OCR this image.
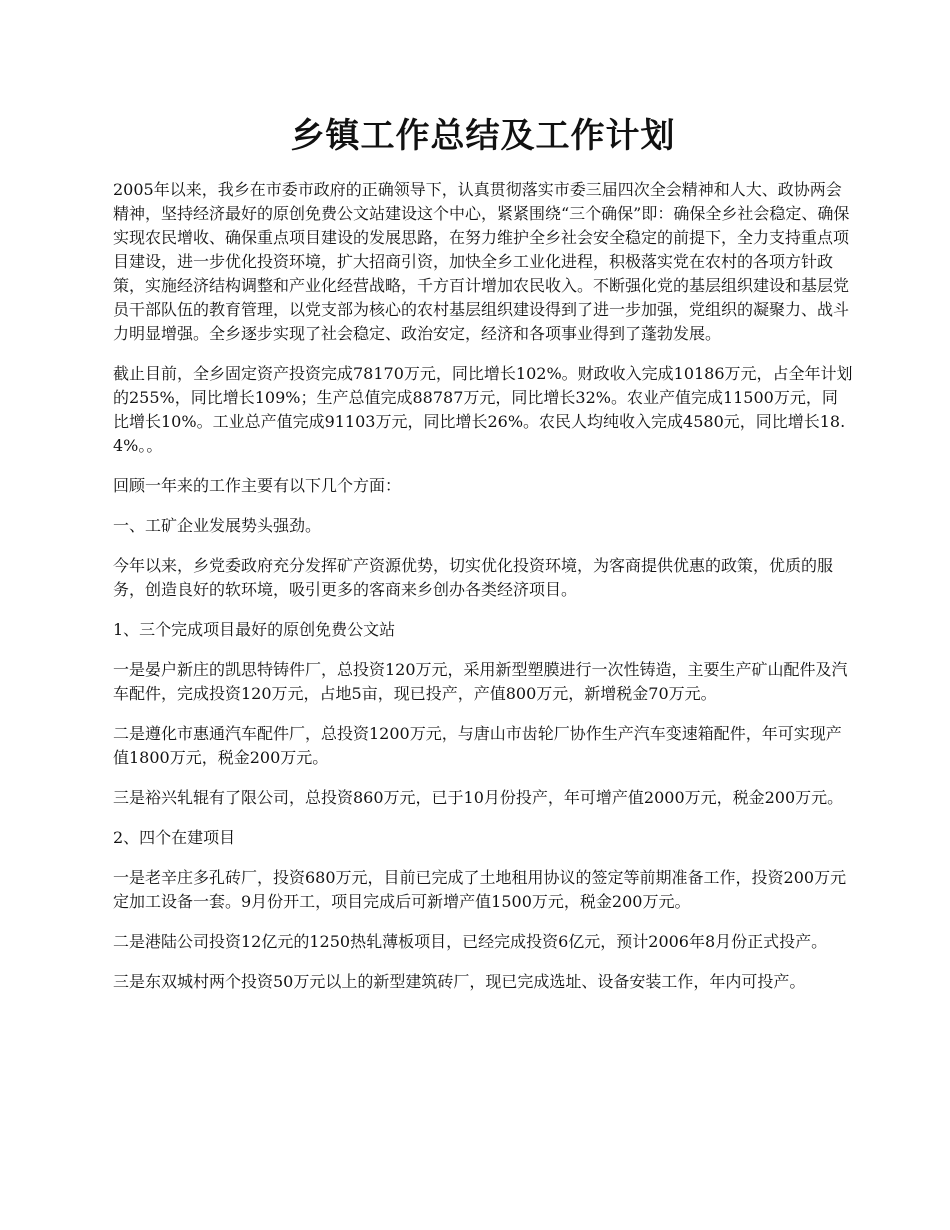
乡镇工作总结及工作计划

2005年以来，我乡在市委市政府的正确领导下，认真贯彻落实市委三届四次全会精神和人大、政协两会精神，坚持经济最好的原创免费公文站建设这个中心，紧紧围绕“三个确保”即：确保全乡社会稳定、确保实现农民增收、确保重点项目建设的发展思路，在努力维护全乡社会安全稳定的前提下，全力支持重点项目建设，进一步优化投资环境，扩大招商引资，加快全乡工业化进程，积极落实党在农村的各项方针政策，实施经济结构调整和产业化经营战略，千方百计增加农民收入。不断强化党的基层组织建设和基层党员干部队伍的教育管理，以党支部为核心的农村基层组织建设得到了进一步加强，党组织的凝聚力、战斗力明显增强。全乡逐步实现了社会稳定、政治安定，经济和各项事业得到了蓬勃发展。

截止目前，全乡固定资产投资完成78170万元，同比增长102%。财政收入完成10186万元，占全年计划的255%，同比增长109%；生产总值完成88787万元，同比增长32%。农业产值完成11500万元，同比增长10%。工业总产值完成91103万元，同比增长26%。农民人均纯收入完成4580元，同比增长18.4%。。

回顾一年来的工作主要有以下几个方面：

一、工矿企业发展势头强劲。

今年以来，乡党委政府充分发挥矿产资源优势，切实优化投资环境，为客商提供优惠的政策，优质的服务，创造良好的软环境，吸引更多的客商来乡创办各类经济项目。

1、三个完成项目最好的原创免费公文站

一是晏户新庄的凯思特铸件厂，总投资120万元，采用新型塑膜进行一次性铸造，主要生产矿山配件及汽车配件，完成投资120万元，占地5亩，现已投产，产值800万元，新增税金70万元。

二是遵化市惠通汽车配件厂，总投资1200万元，与唐山市齿轮厂协作生产汽车变速箱配件，年可实现产值1800万元，税金200万元。

三是裕兴轧辊有了限公司，总投资860万元，已于10月份投产，年可增产值2000万元，税金200万元。

2、四个在建项目

一是老辛庄多孔砖厂，投资680万元，目前已完成了土地租用协议的签定等前期准备工作，投资200万元定加工设备一套。9月份开工，项目完成后可新增产值1500万元，税金200万元。

二是港陆公司投资12亿元的1250热轧薄板项目，已经完成投资6亿元，预计2006年8月份正式投产。

三是东双城村两个投资50万元以上的新型建筑砖厂，现已完成选址、设备安装工作，年内可投产。
